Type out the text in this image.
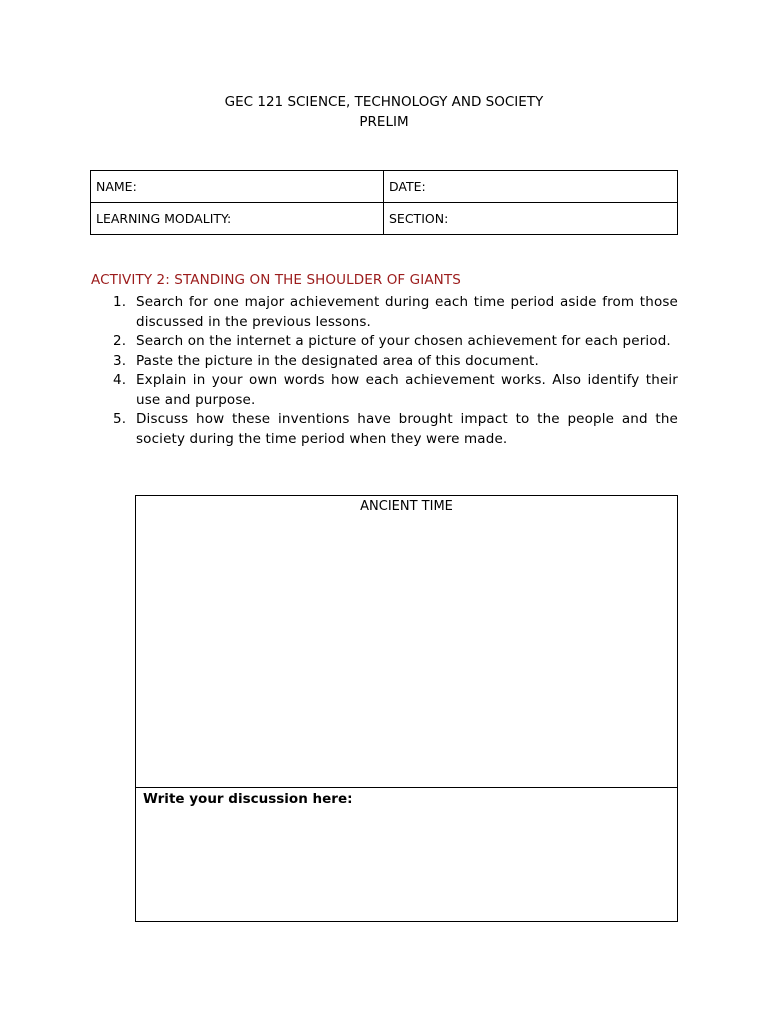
GEC 121 SCIENCE, TECHNOLOGY AND SOCIETY
PRELIM
NAME:	DATE:
LEARNING MODALITY:	SECTION:
ACTIVITY 2: STANDING ON THE SHOULDER OF GIANTS
1. Search for one major achievement during each time period aside from those discussed in the previous lessons.
2. Search on the internet a picture of your chosen achievement for each period.
3. Paste the picture in the designated area of this document.
4. Explain in your own words how each achievement works. Also identify their use and purpose.
5. Discuss how these inventions have brought impact to the people and the society during the time period when they were made.
ANCIENT TIME
Write your discussion here:
